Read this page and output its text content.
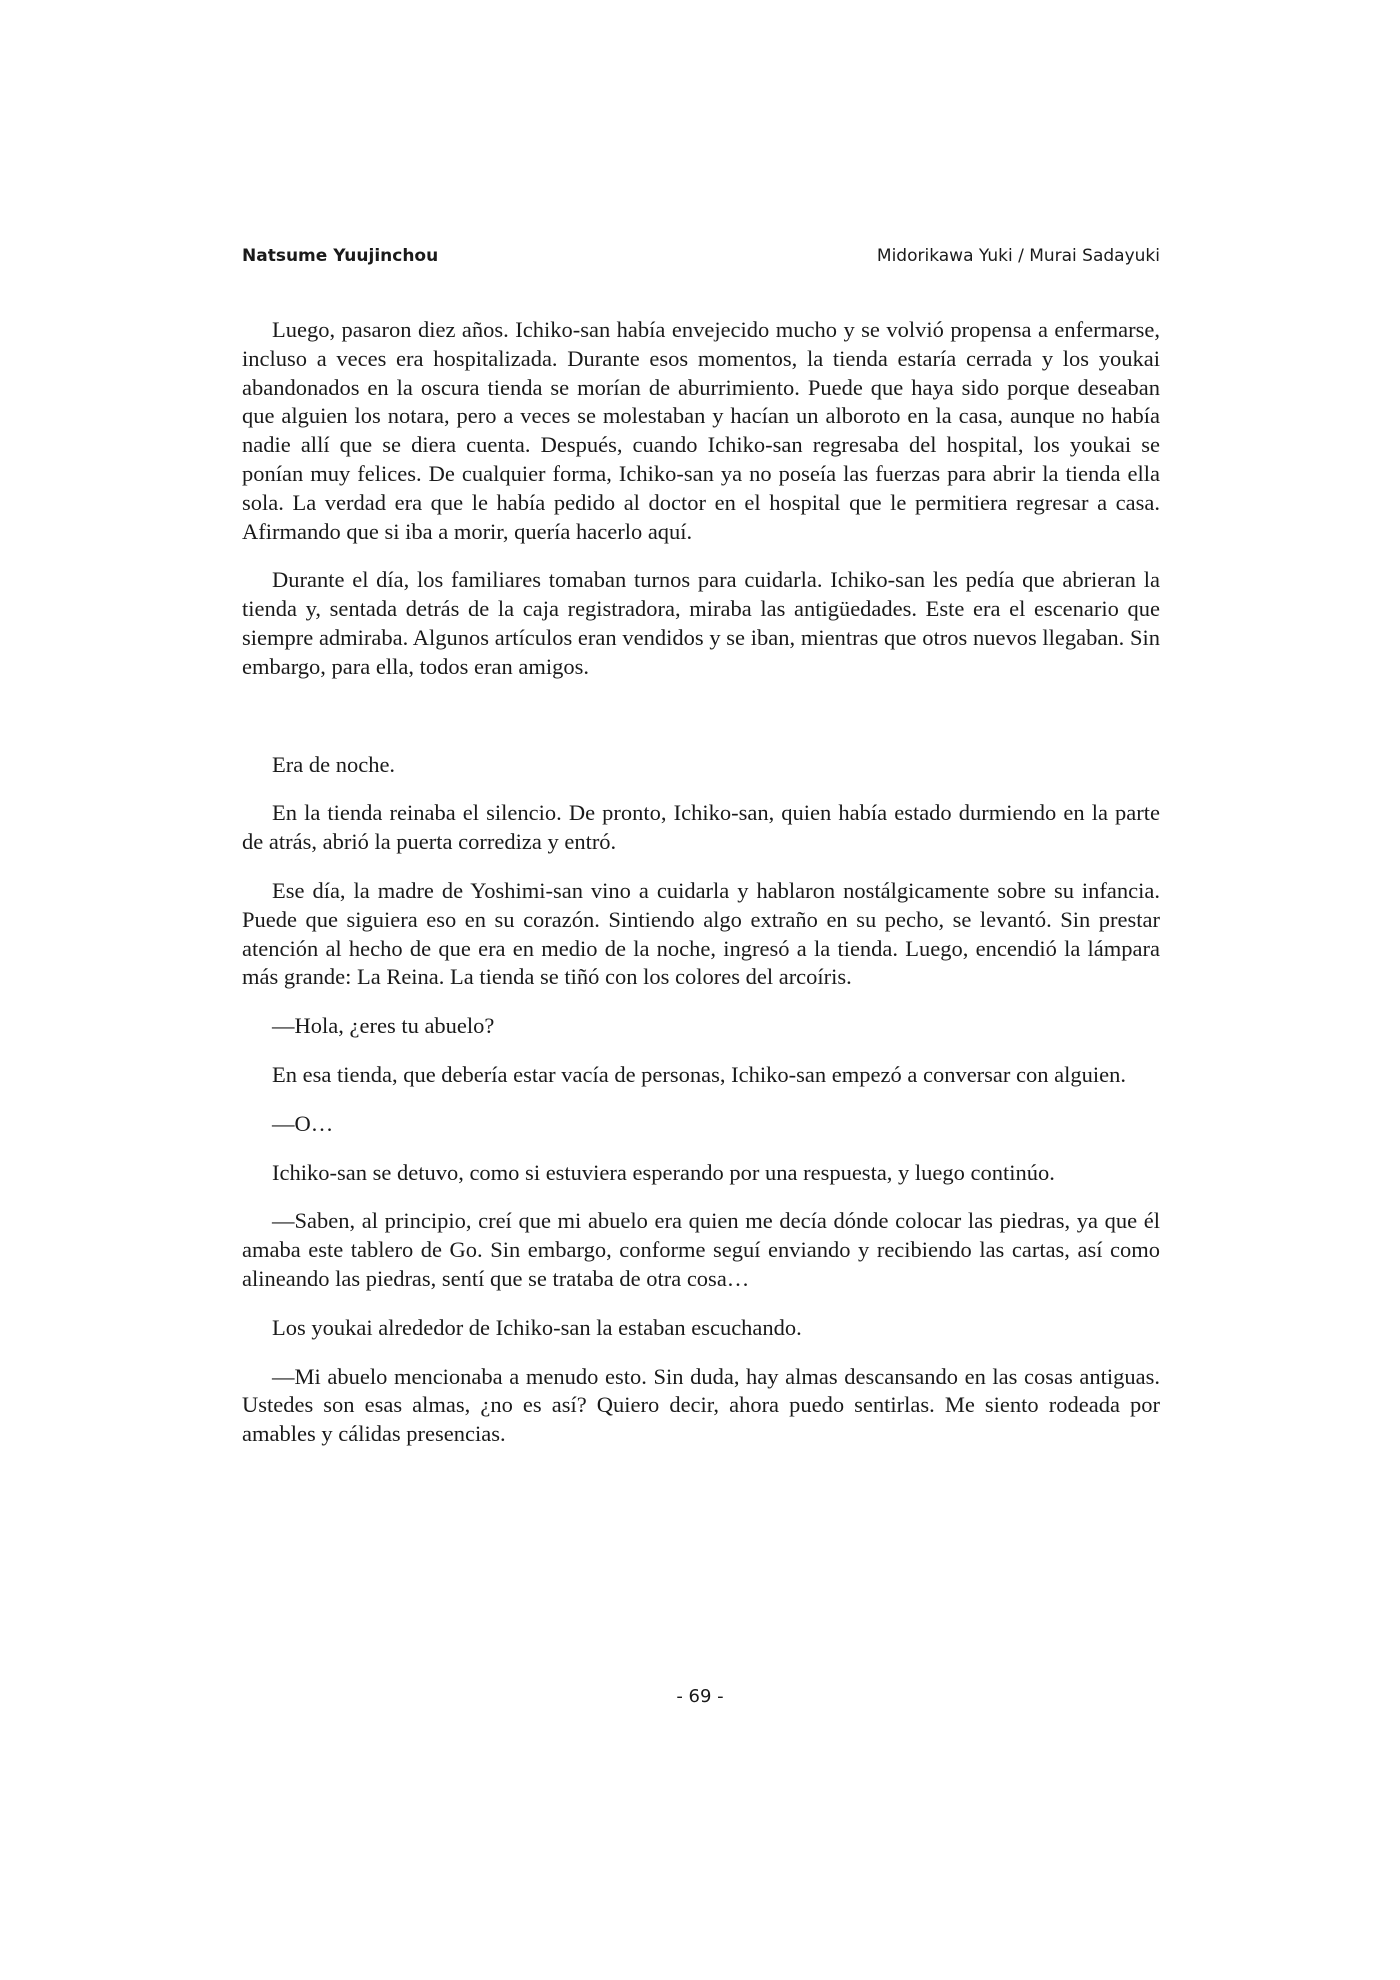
Natsume Yuujinchou	Midorikawa Yuki / Murai Sadayuki

Luego, pasaron diez años. Ichiko-san había envejecido mucho y se volvió propensa a enfermarse, incluso a veces era hospitalizada. Durante esos momentos, la tienda estaría cerrada y los youkai abandonados en la oscura tienda se morían de aburrimiento. Puede que haya sido porque deseaban que alguien los notara, pero a veces se molestaban y hacían un alboroto en la casa, aunque no había nadie allí que se diera cuenta. Después, cuando Ichiko-san regresaba del hospital, los youkai se ponían muy felices. De cualquier forma, Ichiko-san ya no poseía las fuerzas para abrir la tienda ella sola. La verdad era que le había pedido al doctor en el hospital que le permitiera regresar a casa. Afirmando que si iba a morir, quería hacerlo aquí.

Durante el día, los familiares tomaban turnos para cuidarla. Ichiko-san les pedía que abrieran la tienda y, sentada detrás de la caja registradora, miraba las antigüedades. Este era el escenario que siempre admiraba. Algunos artículos eran vendidos y se iban, mientras que otros nuevos llegaban. Sin embargo, para ella, todos eran amigos.

Era de noche.

En la tienda reinaba el silencio. De pronto, Ichiko-san, quien había estado durmiendo en la parte de atrás, abrió la puerta corrediza y entró.

Ese día, la madre de Yoshimi-san vino a cuidarla y hablaron nostálgicamente sobre su infancia. Puede que siguiera eso en su corazón. Sintiendo algo extraño en su pecho, se levantó. Sin prestar atención al hecho de que era en medio de la noche, ingresó a la tienda. Luego, encendió la lámpara más grande: La Reina. La tienda se tiñó con los colores del arcoíris.

—Hola, ¿eres tu abuelo?

En esa tienda, que debería estar vacía de personas, Ichiko-san empezó a conversar con alguien.

—O…

Ichiko-san se detuvo, como si estuviera esperando por una respuesta, y luego continúo.

—Saben, al principio, creí que mi abuelo era quien me decía dónde colocar las piedras, ya que él amaba este tablero de Go. Sin embargo, conforme seguí enviando y recibiendo las cartas, así como alineando las piedras, sentí que se trataba de otra cosa…

Los youkai alrededor de Ichiko-san la estaban escuchando.

—Mi abuelo mencionaba a menudo esto. Sin duda, hay almas descansando en las cosas antiguas. Ustedes son esas almas, ¿no es así? Quiero decir, ahora puedo sentirlas. Me siento rodeada por amables y cálidas presencias.

- 69 -
